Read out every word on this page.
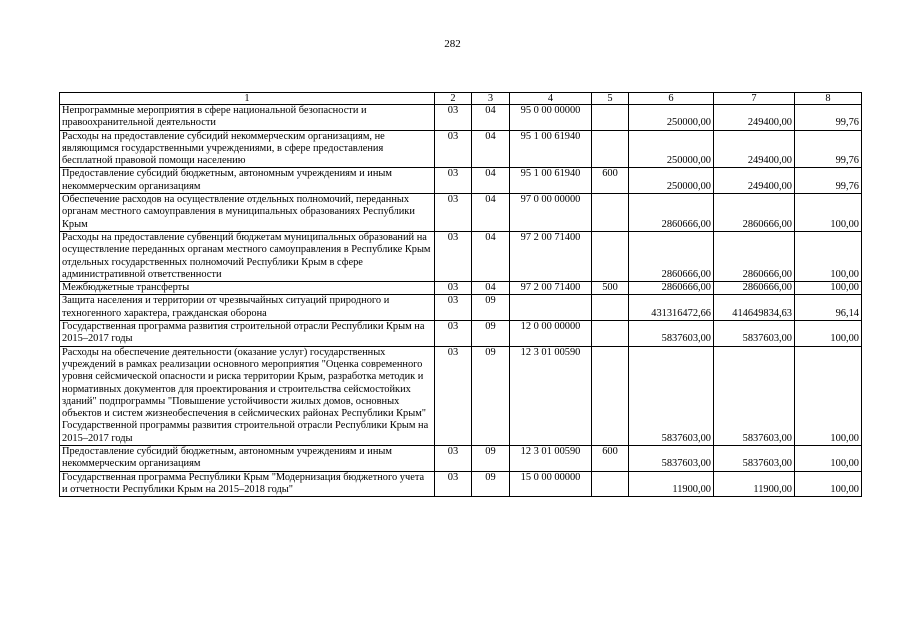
282
1	2	3	4	5	6	7	8
Непрограммные мероприятия в сфере национальной безопасности и правоохранительной деятельности	03	04	95 0 00 00000		250000,00	249400,00	99,76
Расходы на предоставление субсидий некоммерческим организациям, не являющимся государственными учреждениями, в сфере предоставления бесплатной правовой помощи населению	03	04	95 1 00 61940		250000,00	249400,00	99,76
Предоставление субсидий бюджетным, автономным учреждениям и иным некоммерческим организациям	03	04	95 1 00 61940	600	250000,00	249400,00	99,76
Обеспечение расходов на осуществление отдельных полномочий, переданных органам местного самоуправления в муниципальных образованиях Республики Крым	03	04	97 0 00 00000		2860666,00	2860666,00	100,00
Расходы на предоставление субвенций бюджетам муниципальных образований на осуществление переданных органам местного самоуправления в Республике Крым отдельных государственных полномочий Республики Крым в сфере административной ответственности	03	04	97 2 00 71400		2860666,00	2860666,00	100,00
Межбюджетные трансферты	03	04	97 2 00 71400	500	2860666,00	2860666,00	100,00
Защита населения и территории от чрезвычайных ситуаций природного и техногенного характера, гражданская оборона	03	09			431316472,66	414649834,63	96,14
Государственная программа развития строительной отрасли Республики Крым на 2015–2017 годы	03	09	12 0 00 00000		5837603,00	5837603,00	100,00
Расходы на обеспечение деятельности (оказание услуг) государственных учреждений в рамках реализации основного мероприятия "Оценка современного уровня сейсмической опасности и риска территории Крым, разработка методик и нормативных документов для проектирования и строительства сейсмостойких зданий" подпрограммы "Повышение устойчивости жилых домов, основных объектов и систем жизнеобеспечения в сейсмических районах Республики Крым" Государственной программы развития строительной отрасли Республики Крым на 2015–2017 годы	03	09	12 3 01 00590		5837603,00	5837603,00	100,00
Предоставление субсидий бюджетным, автономным учреждениям и иным некоммерческим организациям	03	09	12 3 01 00590	600	5837603,00	5837603,00	100,00
Государственная программа Республики Крым "Модернизация бюджетного учета и отчетности Республики Крым на 2015–2018 годы"	03	09	15 0 00 00000		11900,00	11900,00	100,00
